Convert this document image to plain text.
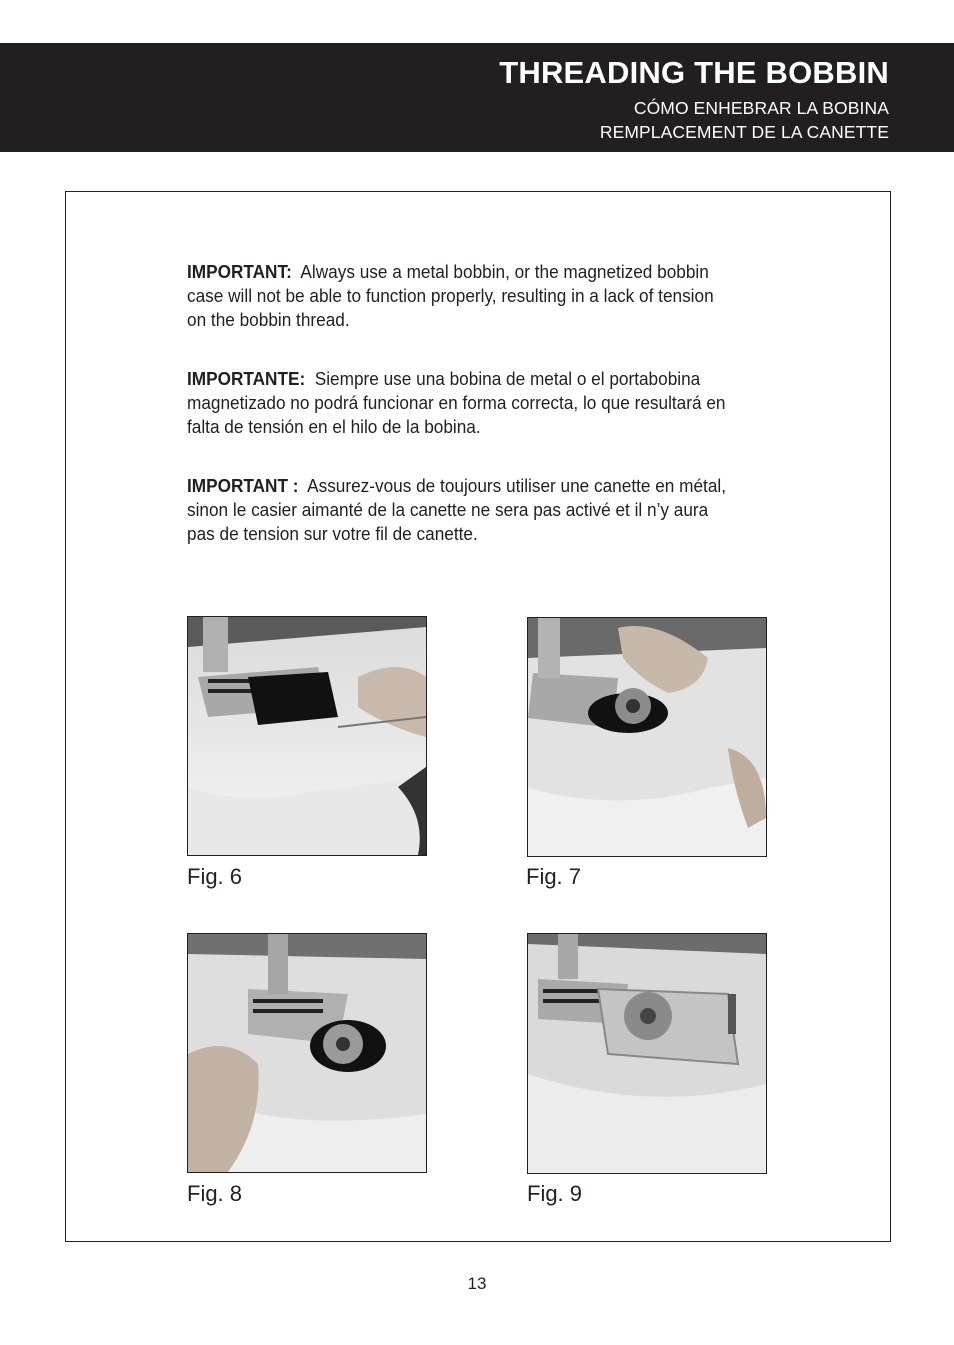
THREADING THE BOBBIN
CÓMO ENHEBRAR LA BOBINA
REMPLACEMENT DE LA CANETTE
IMPORTANT: Always use a metal bobbin, or the magnetized bobbin case will not be able to function properly, resulting in a lack of tension on the bobbin thread.
IMPORTANTE: Siempre use una bobina de metal o el portabobina magnetizado no podrá funcionar en forma correcta, lo que resultará en falta de tensión en el hilo de la bobina.
IMPORTANT : Assurez-vous de toujours utiliser une canette en métal, sinon le casier aimanté de la canette ne sera pas activé et il n’y aura pas de tension sur votre fil de canette.
Fig. 6	Fig. 7
Fig. 8	Fig. 9
13
